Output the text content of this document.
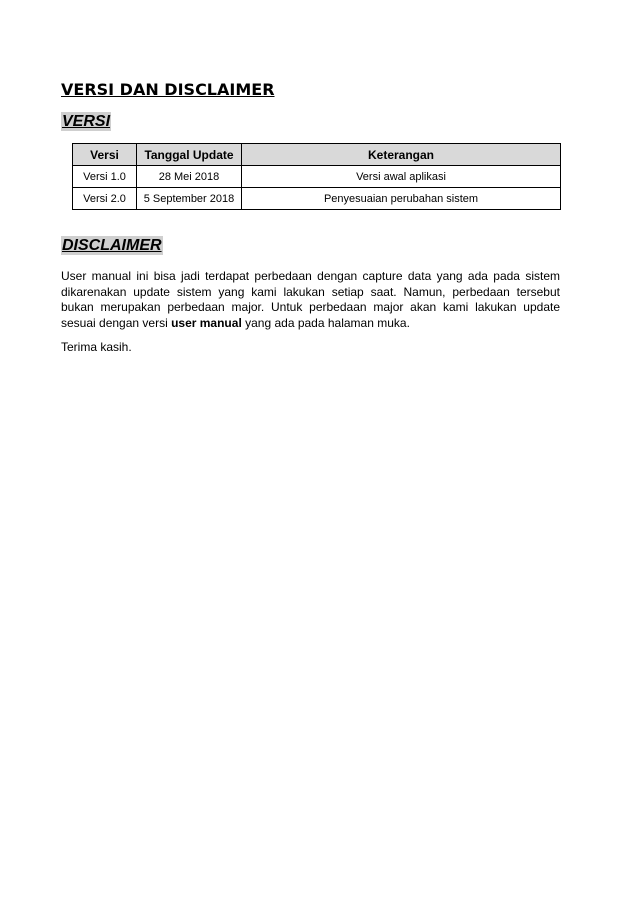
VERSI DAN DISCLAIMER
VERSI
Versi	Tanggal Update	Keterangan
Versi 1.0	28 Mei 2018	Versi awal aplikasi
Versi 2.0	5 September 2018	Penyesuaian perubahan sistem
DISCLAIMER

User manual ini bisa jadi terdapat perbedaan dengan capture data yang ada pada sistem dikarenakan update sistem yang kami lakukan setiap saat. Namun, perbedaan tersebut bukan merupakan perbedaan major. Untuk perbedaan major akan kami lakukan update sesuai dengan versi user manual yang ada pada halaman muka.

Terima kasih.
